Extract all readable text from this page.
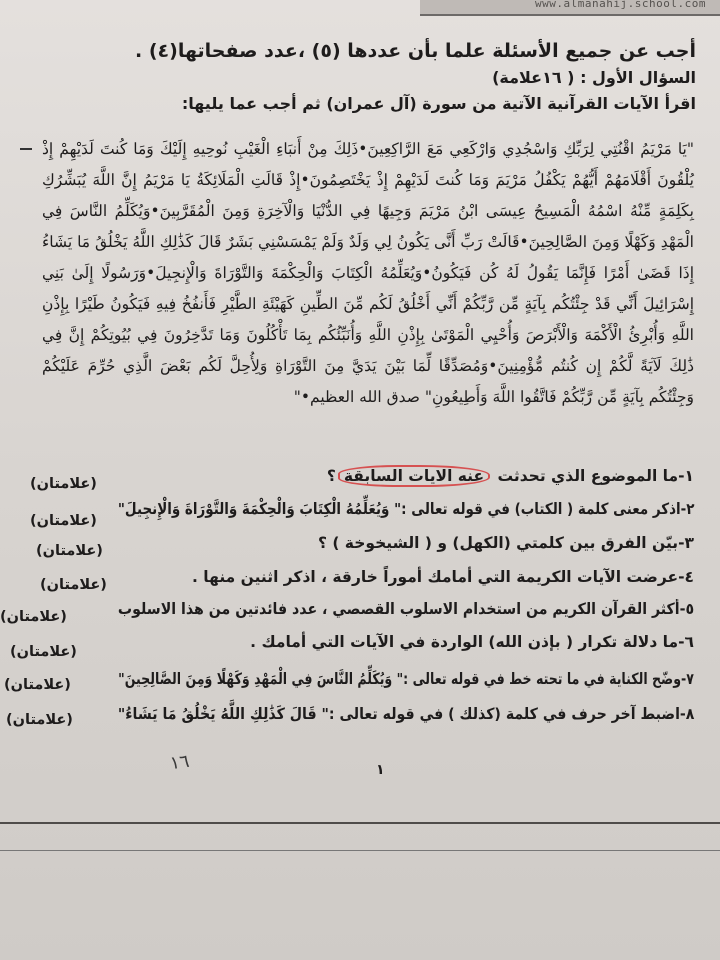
www.almanahij.school.com
أجب عن جميع الأسئلة علما بأن عددها (٥) ،عدد صفحاتها(٤) .
السؤال الأول : ( ١٦علامة)
اقرأ الآيات القرآنية الآتية من سورة (آل عمران) ثم أجب عما يليها:
"يَا مَرْيَمُ اقْنُتِي لِرَبِّكِ وَاسْجُدِي وَارْكَعِي مَعَ الرَّاكِعِينَ•ذَلِكَ مِنْ أَنبَاءِ الْغَيْبِ نُوحِيهِ إِلَيْكَ وَمَا كُنتَ لَدَيْهِمْ إِذْ يُلْقُونَ أَقْلَامَهُمْ أَيُّهُمْ يَكْفُلُ مَرْيَمَ وَمَا كُنتَ لَدَيْهِمْ إِذْ يَخْتَصِمُونَ•إِذْ قَالَتِ الْمَلَائِكَةُ يَا مَرْيَمُ إِنَّ اللَّهَ يُبَشِّرُكِ بِكَلِمَةٍ مِّنْهُ اسْمُهُ الْمَسِيحُ عِيسَى ابْنُ مَرْيَمَ وَجِيهًا فِي الدُّنْيَا وَالْآخِرَةِ وَمِنَ الْمُقَرَّبِينَ•وَيُكَلِّمُ النَّاسَ فِي الْمَهْدِ وَكَهْلًا وَمِنَ الصَّالِحِينَ•قَالَتْ رَبِّ أَنَّى يَكُونُ لِي وَلَدٌ وَلَمْ يَمْسَسْنِي بَشَرٌ قَالَ كَذَٰلِكِ اللَّهُ يَخْلُقُ مَا يَشَاءُ إِذَا قَضَىٰ أَمْرًا فَإِنَّمَا يَقُولُ لَهُ كُن فَيَكُونُ•وَيُعَلِّمُهُ الْكِتَابَ وَالْحِكْمَةَ وَالتَّوْرَاةَ وَالْإِنجِيلَ•وَرَسُولًا إِلَىٰ بَنِي إِسْرَائِيلَ أَنِّي قَدْ جِئْتُكُم بِآيَةٍ مِّن رَّبِّكُمْ أَنِّي أَخْلُقُ لَكُم مِّنَ الطِّينِ كَهَيْئَةِ الطَّيْرِ فَأَنفُخُ فِيهِ فَيَكُونُ طَيْرًا بِإِذْنِ اللَّهِ وَأُبْرِئُ الْأَكْمَهَ وَالْأَبْرَصَ وَأُحْيِي الْمَوْتَىٰ بِإِذْنِ اللَّهِ وَأُنَبِّئُكُم بِمَا تَأْكُلُونَ وَمَا تَدَّخِرُونَ فِي بُيُوتِكُمْ إِنَّ فِي ذَٰلِكَ لَآيَةً لَّكُمْ إِن كُنتُم مُّؤْمِنِينَ•وَمُصَدِّقًا لِّمَا بَيْنَ يَدَيَّ مِنَ التَّوْرَاةِ وَلِأُحِلَّ لَكُم بَعْضَ الَّذِي حُرِّمَ عَلَيْكُمْ وَجِئْتُكُم بِآيَةٍ مِّن رَّبِّكُمْ فَاتَّقُوا اللَّهَ وَأَطِيعُونِ" صدق الله العظيم•"
١-ما الموضوع الذي تحدثت عنه الايات السابقة؟
(علامتان)
٢-اذكر معنى كلمة ( الكتاب) في قوله تعالى :" وَيُعَلِّمُهُ الْكِتَابَ وَالْحِكْمَةَ وَالتَّوْرَاةَ وَالْإِنجِيلَ"
(علامتان)
٣-بيّن الفرق بين كلمتي (الكهل) و ( الشيخوخة ) ؟
(علامتان)
٤-عرضت الآيات الكريمة التي أمامك أموراً خارقة ، اذكر اثنين منها .
(علامتان)
٥-أكثر القرآن الكريم من استخدام الاسلوب القصصي ، عدد فائدتين من هذا الاسلوب
(علامتان)
٦-ما دلالة تكرار ( بإذن الله) الواردة في الآيات التي أمامك .
(علامتان)
٧-وضّح الكناية في ما تحته خط في قوله تعالى :" وَيُكَلِّمُ النَّاسَ فِي الْمَهْدِ وَكَهْلًا وَمِنَ الصَّالِحِينَ"
(علامتان)
٨-اضبط آخر حرف في كلمة (كذلك ) في قوله تعالى :" قَالَ كَذَٰلِكِ اللَّهُ يَخْلُقُ مَا يَشَاءُ"
(علامتان)
١٦	١
